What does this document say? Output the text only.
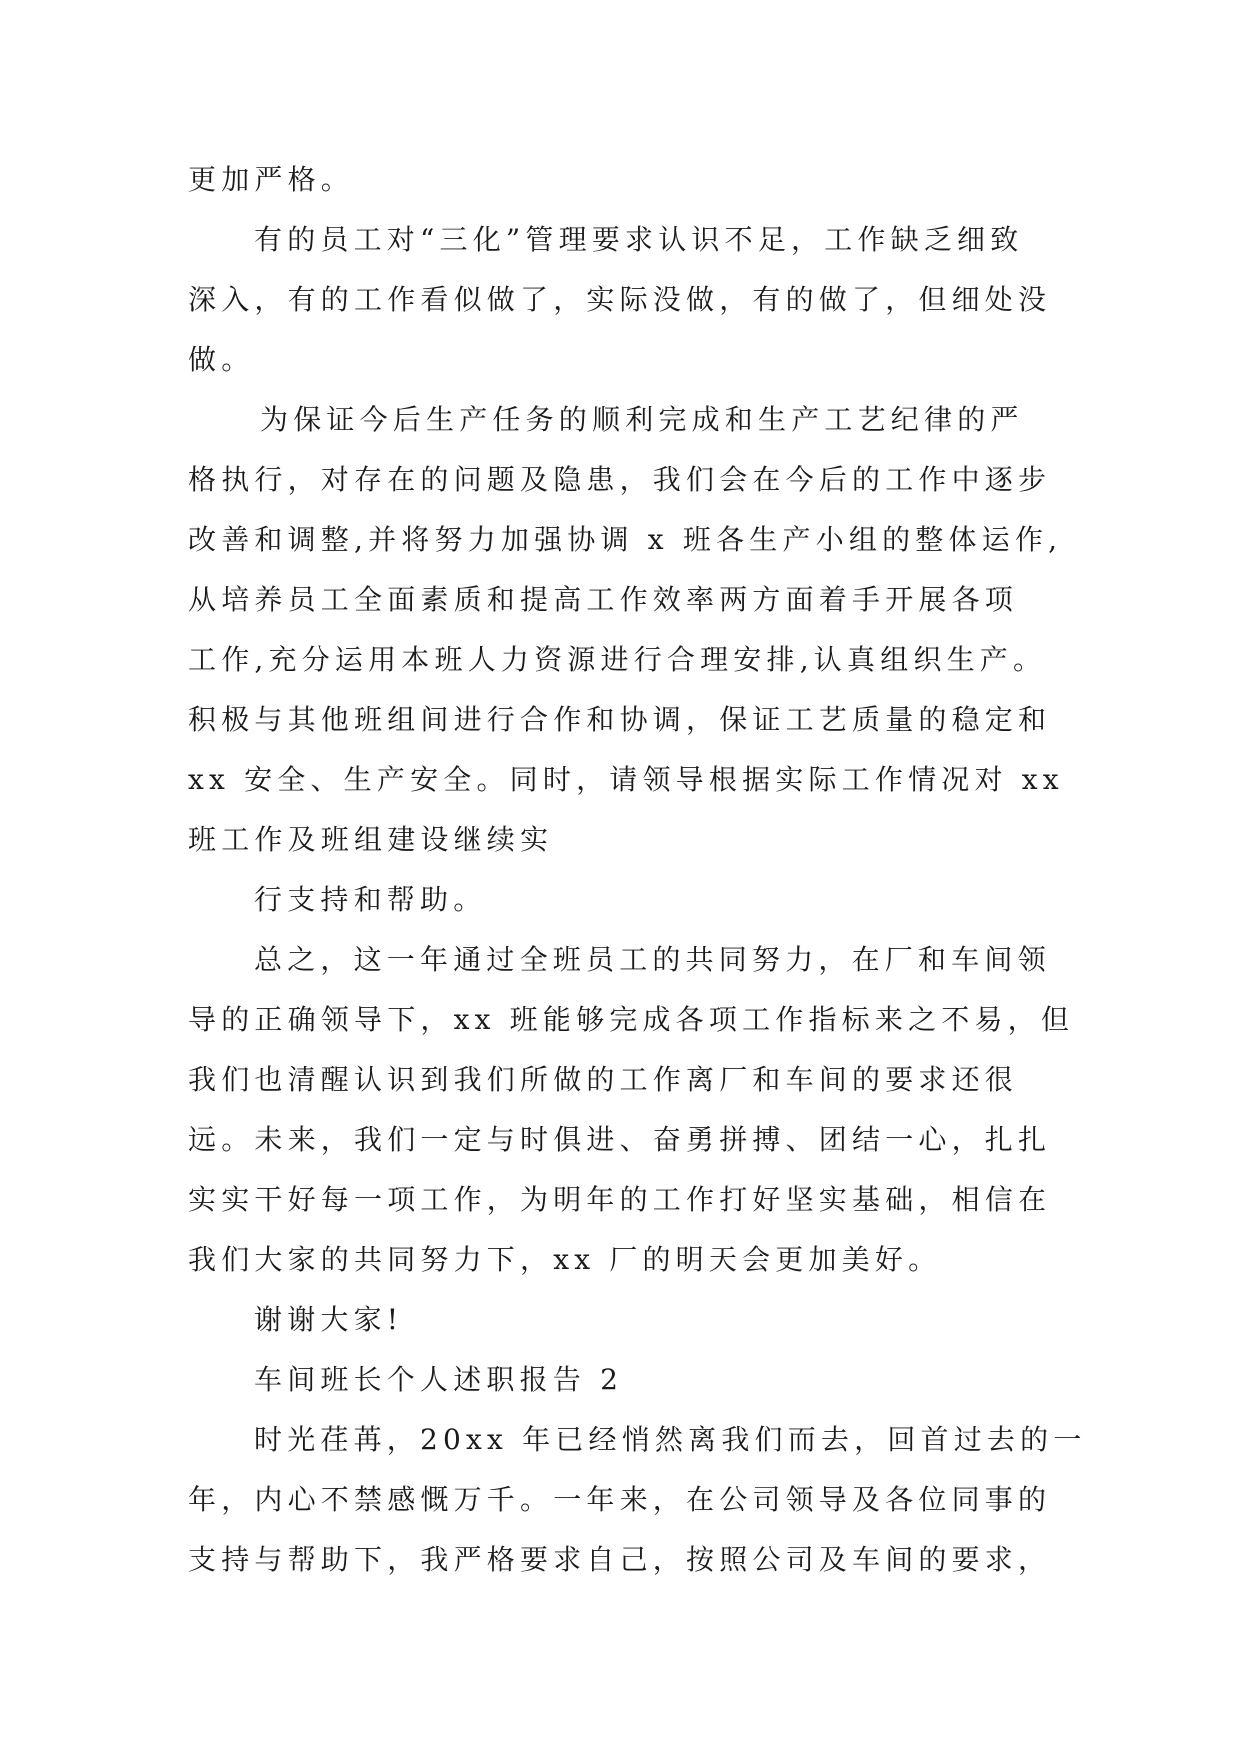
更加严格。
有的员工对“三化”管理要求认识不足，工作缺乏细致
深入，有的工作看似做了，实际没做，有的做了，但细处没
做。
为保证今后生产任务的顺利完成和生产工艺纪律的严
格执行，对存在的问题及隐患，我们会在今后的工作中逐步
改善和调整,并将努力加强协调 x 班各生产小组的整体运作,
从培养员工全面素质和提高工作效率两方面着手开展各项
工作,充分运用本班人力资源进行合理安排,认真组织生产。
积极与其他班组间进行合作和协调，保证工艺质量的稳定和
xx 安全、生产安全。同时，请领导根据实际工作情况对 xx
班工作及班组建设继续实
行支持和帮助。
总之，这一年通过全班员工的共同努力，在厂和车间领
导的正确领导下，xx 班能够完成各项工作指标来之不易，但
我们也清醒认识到我们所做的工作离厂和车间的要求还很
远。未来，我们一定与时俱进、奋勇拼搏、团结一心，扎扎
实实干好每一项工作，为明年的工作打好坚实基础，相信在
我们大家的共同努力下，xx 厂的明天会更加美好。
谢谢大家!
车间班长个人述职报告 2
时光荏苒，20xx 年已经悄然离我们而去，回首过去的一
年，内心不禁感慨万千。一年来，在公司领导及各位同事的
支持与帮助下，我严格要求自己，按照公司及车间的要求，
